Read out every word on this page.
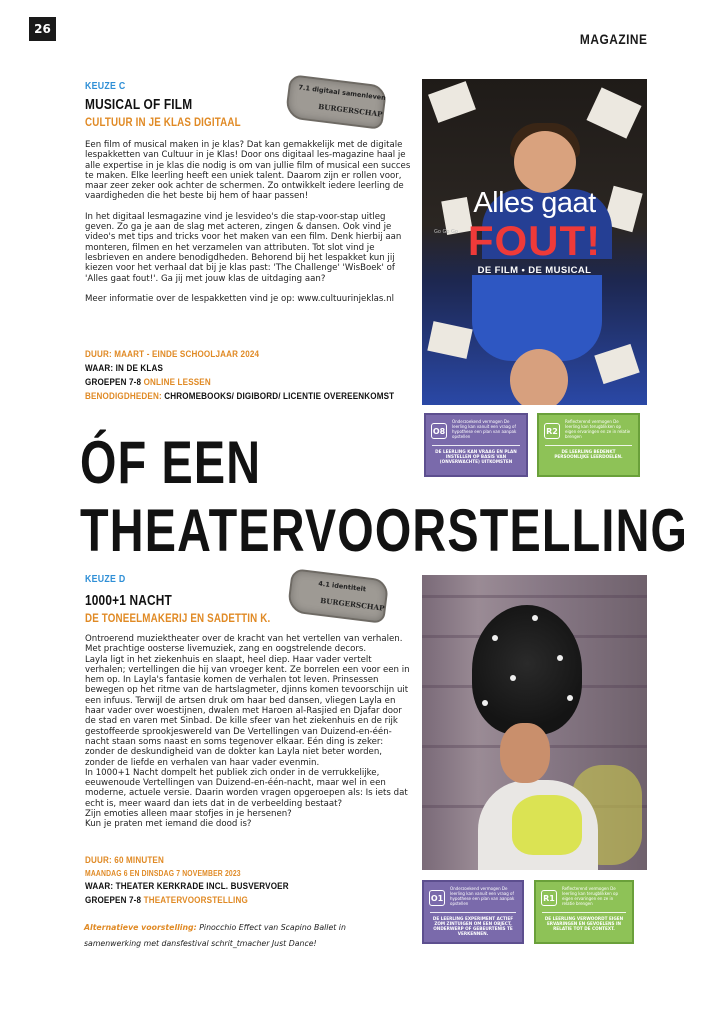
26
MAGAZINE
KEUZE C
MUSICAL OF FILM
CULTUUR IN JE KLAS DIGITAAL
7.1 digitaal samenleven
BURGERSCHAP

Een film of musical maken in je klas? Dat kan gemakkelijk met de digitale lespakketten van Cultuur in je Klas! Door ons digitaal les-magazine haal je alle expertise in je klas die nodig is om van jullie film of musical een succes te maken. Elke leerling heeft een uniek talent. Daarom zijn er rollen voor, maar zeer zeker ook achter de schermen. Zo ontwikkelt iedere leerling de vaardigheden die het beste bij hem of haar passen!

In het digitaal lesmagazine vind je lesvideo's die stap-voor-stap uitleg geven. Zo ga je aan de slag met acteren, zingen & dansen. Ook vind je video's met tips and tricks voor het maken van een film. Denk hierbij aan monteren, filmen en het verzamelen van attributen. Tot slot vind je lesbrieven en andere benodigdheden. Behorend bij het lespakket kun jij kiezen voor het verhaal dat bij je klas past: 'The Challenge' 'WisBoek' of 'Alles gaat fout!'. Ga jij met jouw klas de uitdaging aan?

Meer informatie over de lespakketten vind je op: www.cultuurinjeklas.nl

DUUR: MAART - EINDE SCHOOLJAAR 2024
WAAR: IN DE KLAS
GROEPEN 7-8 ONLINE LESSEN
BENODIGDHEDEN: CHROMEBOOKS/ DIGIBORD/ LICENTIE OVEREENKOMST
Go Go Go
Alles gaat
FOUT!
DE FILM • DE MUSICAL
O8
Onderzoekend vermogen De leerling kan vanuit een vraag of hypothese een plan van aanpak opstellen
DE LEERLING KAN VRAAG EN PLAN INSTELLEN OP BASIS VAN (ONVERWACHTE) UITKOMSTEN
R2
Reflecterend vermogen De leerling kan terugblikken op eigen ervaringen en ze in relatie brengen
DE LEERLING BEDENKT PERSOONLIJKE LEERDOELEN.
ÓF EEN
THEATERVOORSTELLING
KEUZE D
1000+1 NACHT
DE TONEELMAKERIJ EN SADETTIN K.
4.1 identiteit
BURGERSCHAP

Ontroerend muziektheater over de kracht van het vertellen van verhalen. Met prachtige oosterse livemuziek, zang en oogstrelende decors.

Layla ligt in het ziekenhuis en slaapt, heel diep. Haar vader vertelt verhalen; vertellingen die hij van vroeger kent. Ze borrelen een voor een in hem op. In Layla's fantasie komen de verhalen tot leven. Prinsessen bewegen op het ritme van de hartslagmeter, djinns komen tevoorschijn uit een infuus. Terwijl de artsen druk om haar bed dansen, vliegen Layla en haar vader over woestijnen, dwalen met Haroen al-Rasjied en Djafar door de stad en varen met Sinbad. De kille sfeer van het ziekenhuis en de rijk gestoffeerde sprookjeswereld van De Vertellingen van Duizend-en-één-nacht staan soms naast en soms tegenover elkaar. Eén ding is zeker: zonder de deskundigheid van de dokter kan Layla niet beter worden, zonder de liefde en verhalen van haar vader evenmin.

In 1000+1 Nacht dompelt het publiek zich onder in de verrukkelijke, eeuwenoude Vertellingen van Duizend-en-één-nacht, maar wel in een moderne, actuele versie. Daarin worden vragen opgeroepen als: Is iets dat echt is, meer waard dan iets dat in de verbeelding bestaat?

Zijn emoties alleen maar stofjes in je hersenen?

Kun je praten met iemand die dood is?

DUUR: 60 MINUTEN
MAANDAG 6 EN DINSDAG 7 NOVEMBER 2023
WAAR: THEATER KERKRADE INCL. BUSVERVOER
GROEPEN 7-8 THEATERVOORSTELLING
Alternatieve voorstelling: Pinocchio Effect van Scapino Ballet in samenwerking met dansfestival schrit_tmacher Just Dance!
O1
Onderzoekend vermogen De leerling kan vanuit een vraag of hypothese een plan van aanpak opstellen
DE LEERLING EXPERIMENT ACTIEF ZOM ZINTUIGEN OM EEN OBJECT, ONDERWERP OF GEBEURTENIS TE VERKENNEN.
R1
Reflecterend vermogen De leerling kan terugblikken op eigen ervaringen en ze in relatie brengen
DE LEERLING VERWOORDT EIGEN ERVARINGEN EN GEVOELENS IN RELATIE TOT DE CONTEXT.
